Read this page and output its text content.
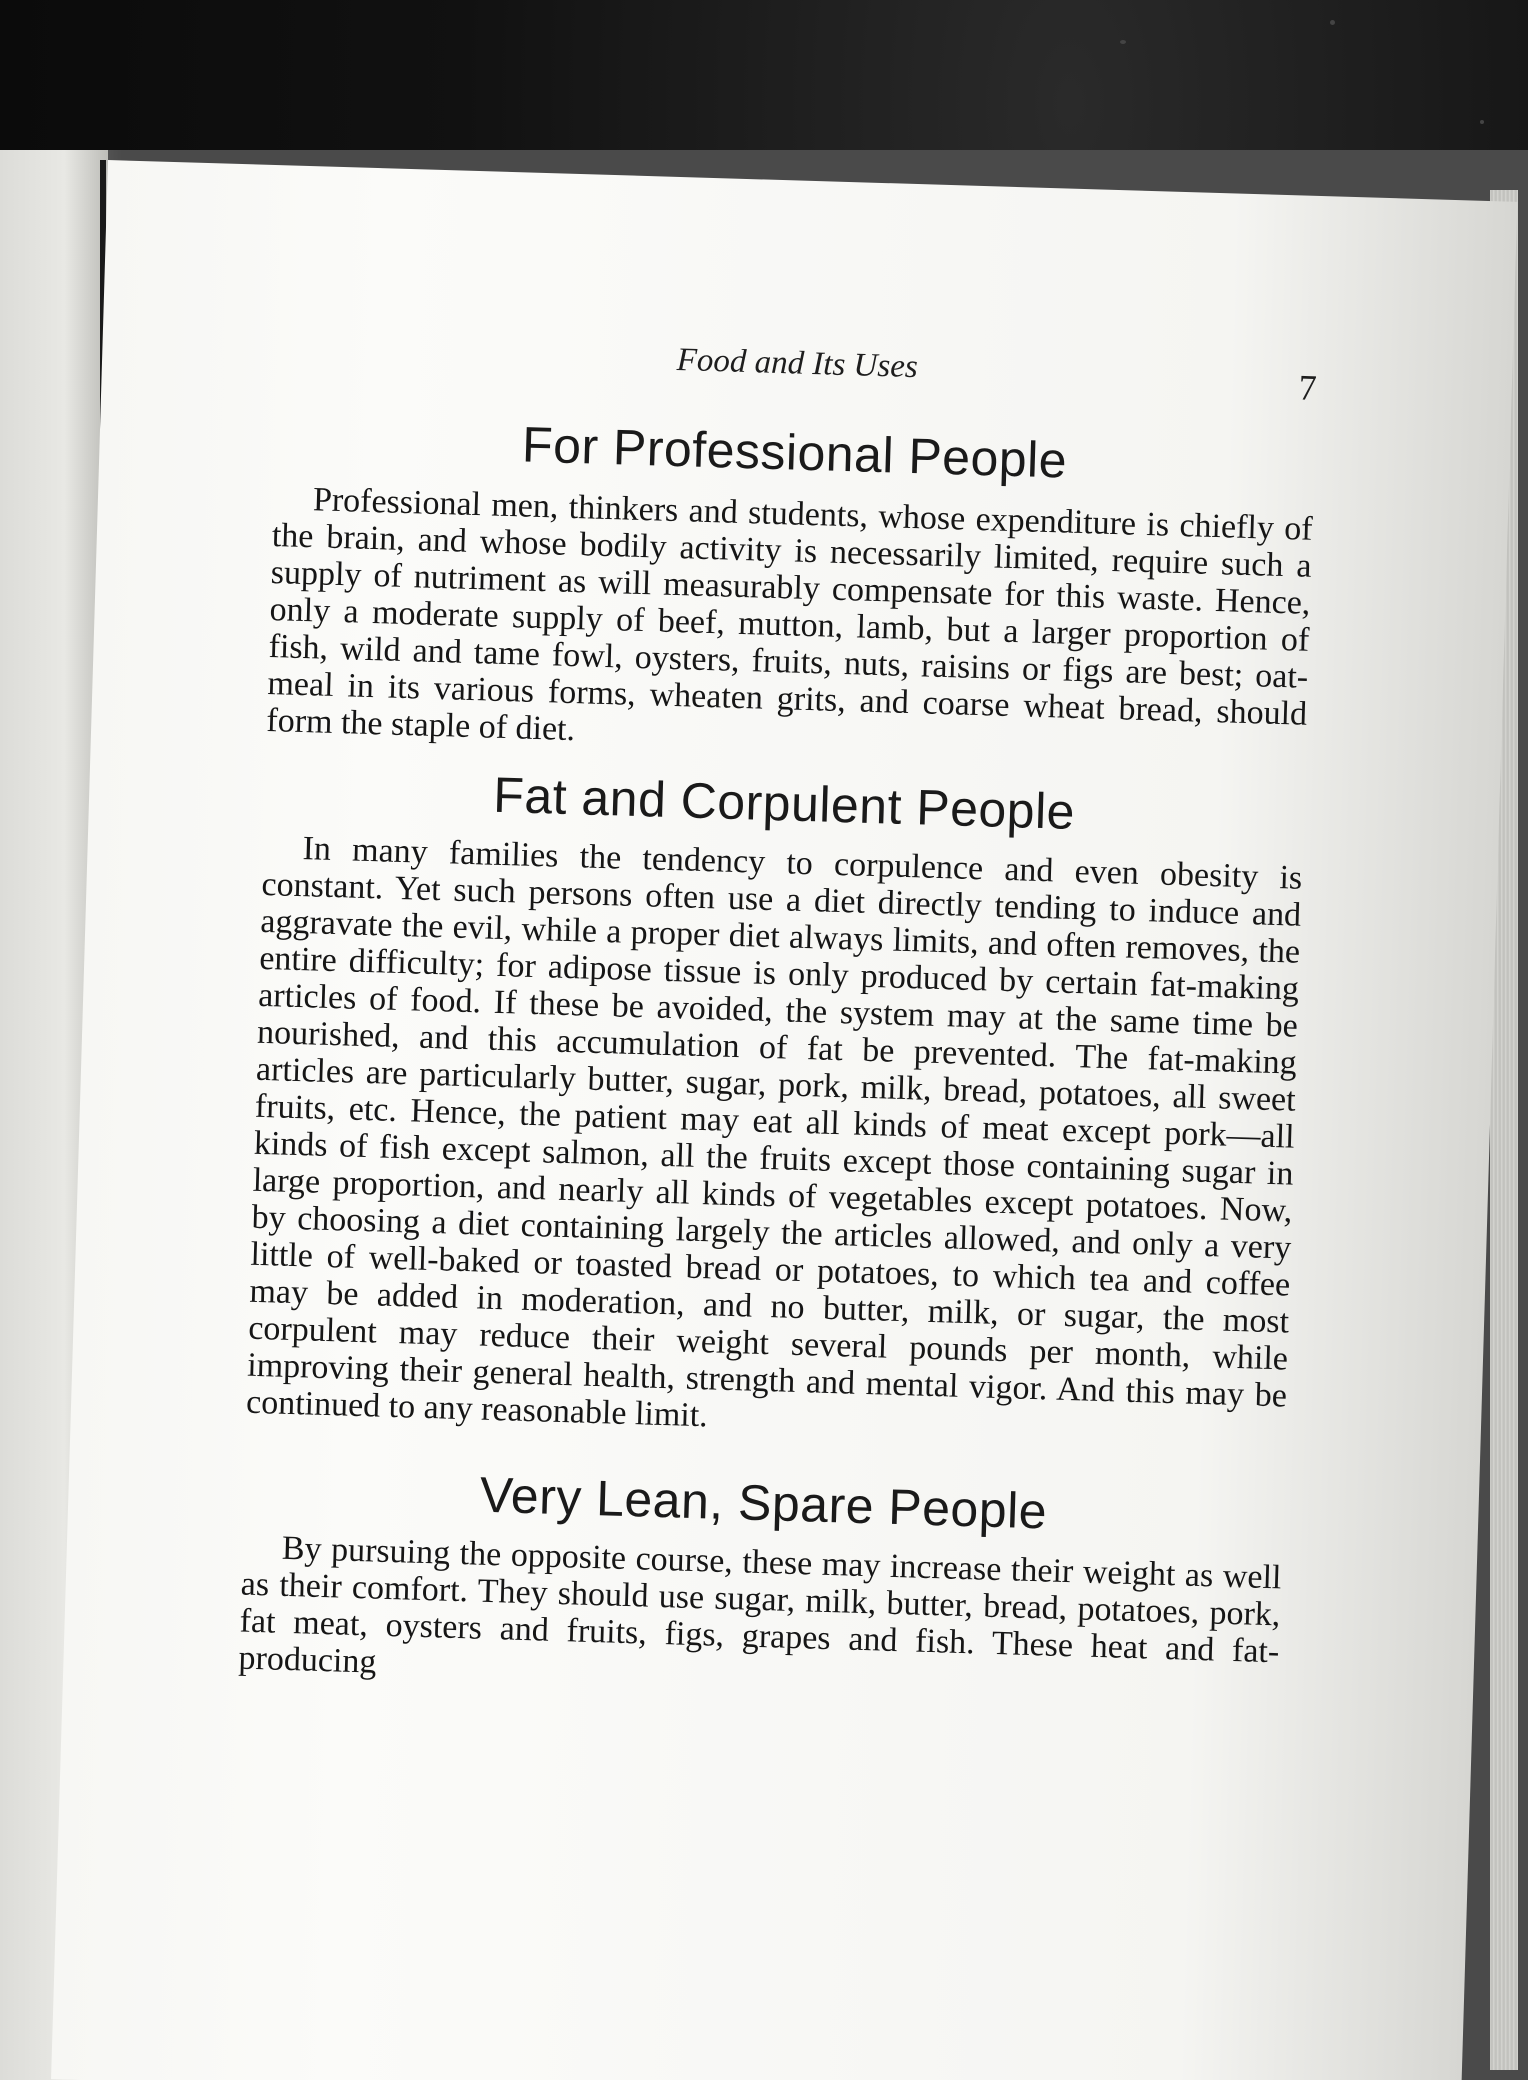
Food and Its Uses
7
For Professional People

Professional men, thinkers and students, whose expenditure is chiefly of the brain, and whose bodily activity is necessarily limited, require such a supply of nutriment as will measurably compensate for this waste. Hence, only a moderate supply of beef, mutton, lamb, but a larger proportion of fish, wild and tame fowl, oysters, fruits, nuts, raisins or figs are best; oat-meal in its various forms, wheaten grits, and coarse wheat bread, should form the staple of diet.

Fat and Corpulent People

In many families the tendency to corpulence and even obesity is constant. Yet such persons often use a diet directly tending to induce and aggravate the evil, while a proper diet always limits, and often removes, the entire difficulty; for adipose tissue is only produced by certain fat-making articles of food. If these be avoided, the system may at the same time be nourished, and this accumulation of fat be prevented. The fat-making articles are particularly butter, sugar, pork, milk, bread, potatoes, all sweet fruits, etc. Hence, the patient may eat all kinds of meat except pork—all kinds of fish except salmon, all the fruits except those containing sugar in large proportion, and nearly all kinds of vegetables except potatoes. Now, by choosing a diet containing largely the articles allowed, and only a very little of well-baked or toasted bread or potatoes, to which tea and coffee may be added in moderation, and no butter, milk, or sugar, the most corpulent may reduce their weight several pounds per month, while improving their general health, strength and mental vigor. And this may be continued to any reasonable limit.

Very Lean, Spare People

By pursuing the opposite course, these may increase their weight as well as their comfort. They should use sugar, milk, butter, bread, potatoes, pork, fat meat, oysters and fruits, figs, grapes and fish. These heat and fat-producing
